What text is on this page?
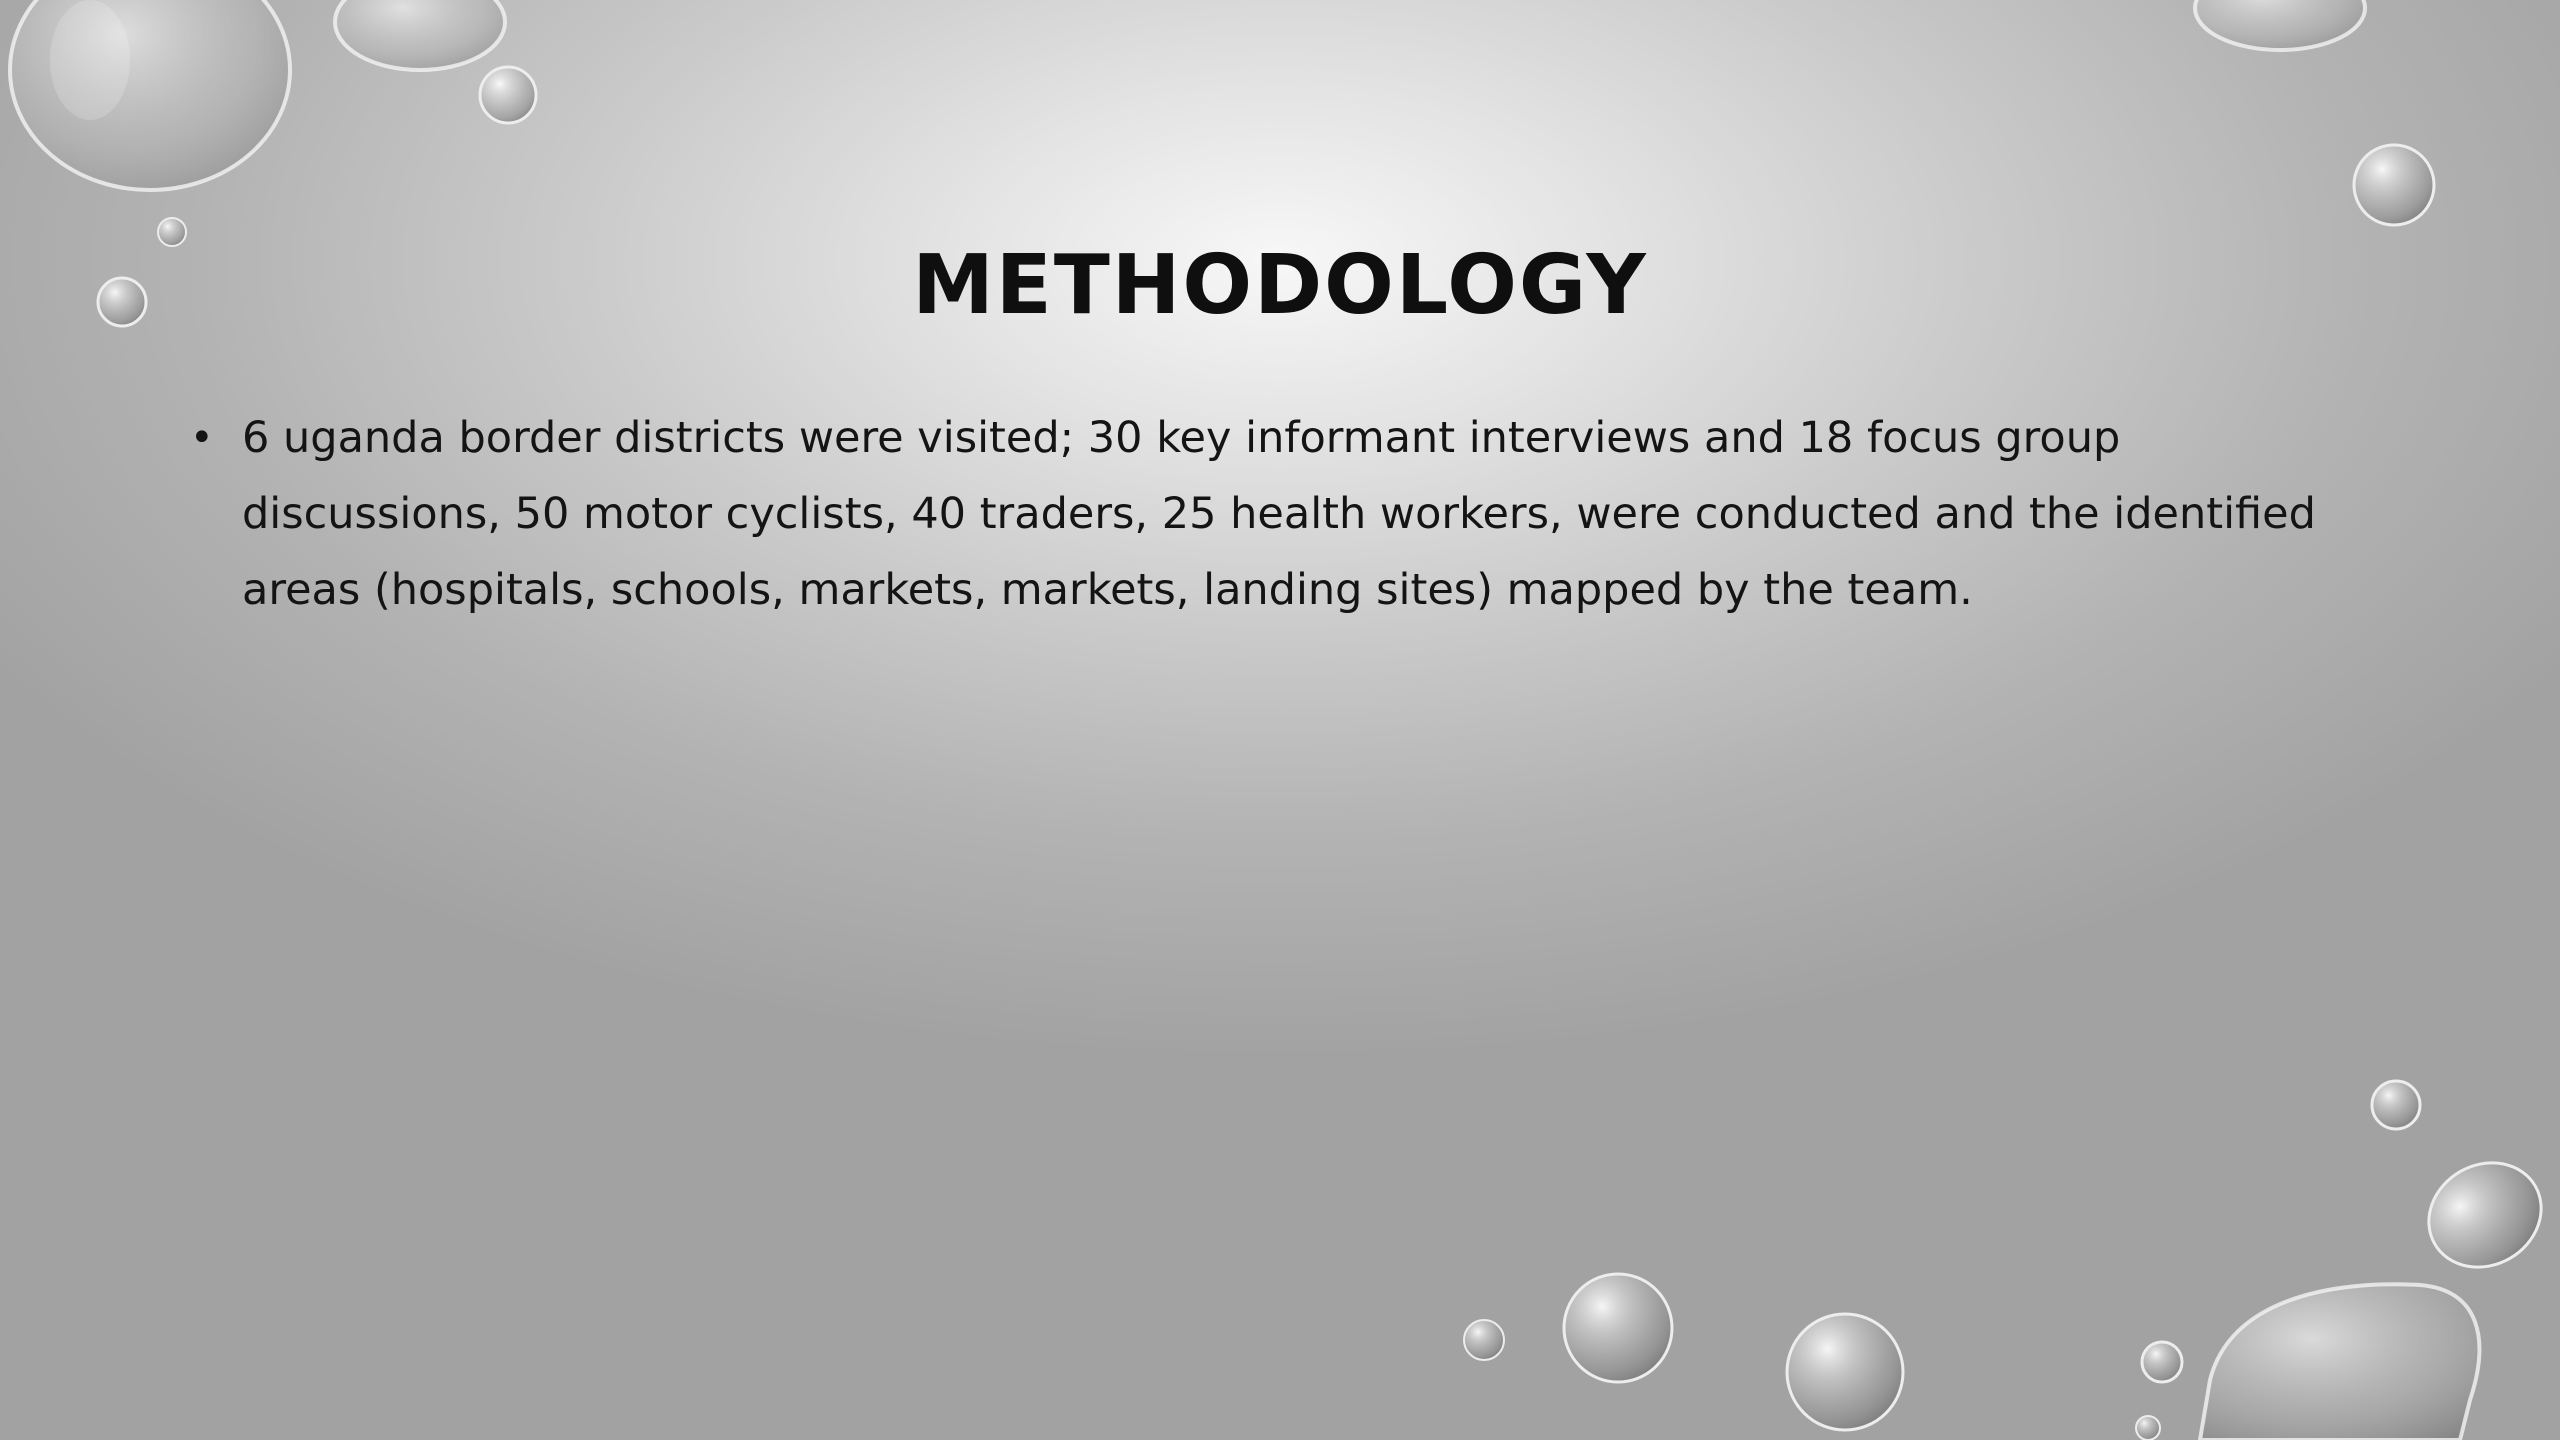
METHODOLOGY
• 6 uganda border districts were visited; 30 key informant interviews and 18 focus group discussions, 50 motor cyclists, 40 traders, 25 health workers, were conducted and the identified areas (hospitals, schools, markets, markets, landing sites) mapped by the team.
